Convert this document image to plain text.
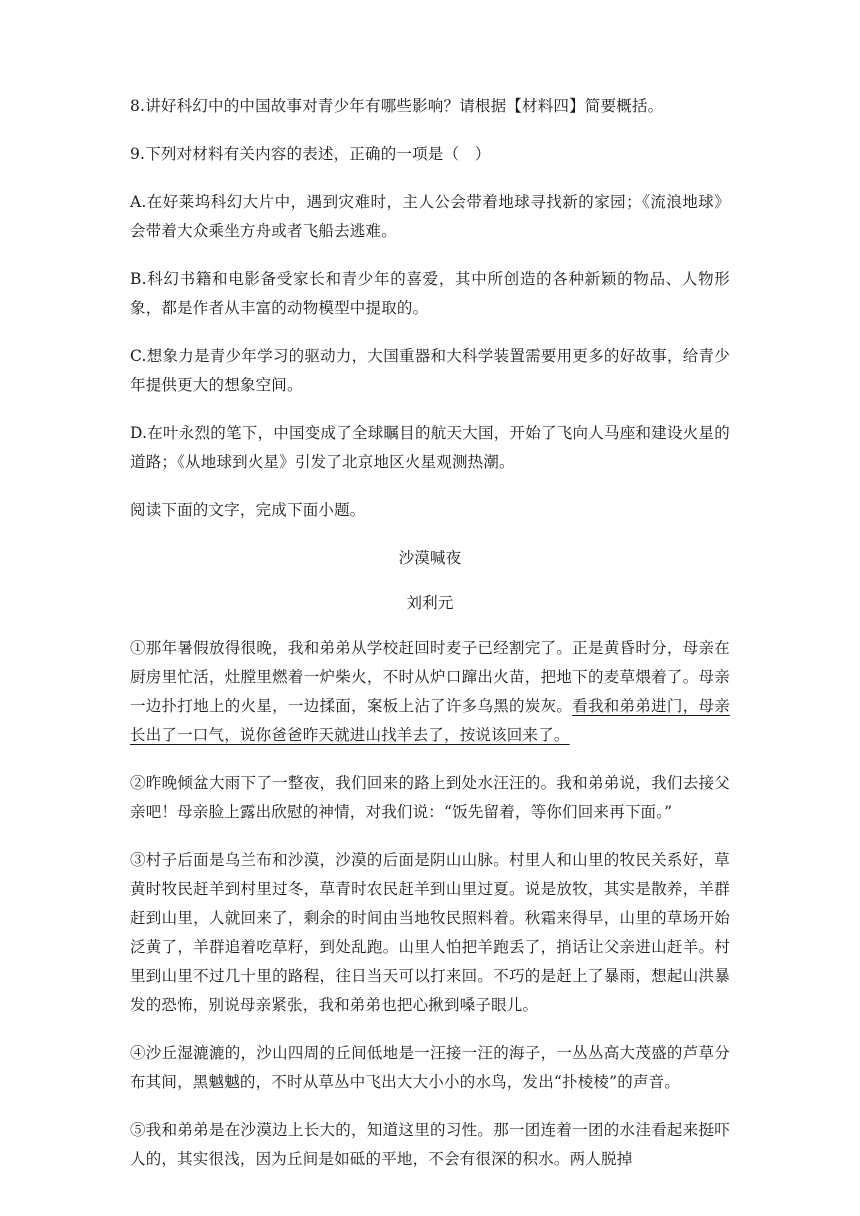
8.讲好科幻中的中国故事对青少年有哪些影响？请根据【材料四】简要概括。

9.下列对材料有关内容的表述，正确的一项是（　）

A.在好莱坞科幻大片中，遇到灾难时，主人公会带着地球寻找新的家园；《流浪地球》会带着大众乘坐方舟或者飞船去逃难。

B.科幻书籍和电影备受家长和青少年的喜爱，其中所创造的各种新颖的物品、人物形象，都是作者从丰富的动物模型中提取的。

C.想象力是青少年学习的驱动力，大国重器和大科学装置需要用更多的好故事，给青少年提供更大的想象空间。

D.在叶永烈的笔下，中国变成了全球瞩目的航天大国，开始了飞向人马座和建设火星的道路；《从地球到火星》引发了北京地区火星观测热潮。

阅读下面的文字，完成下面小题。

沙漠喊夜

刘利元

①那年暑假放得很晚，我和弟弟从学校赶回时麦子已经割完了。正是黄昏时分，母亲在厨房里忙活，灶膛里燃着一炉柴火，不时从炉口蹿出火苗，把地下的麦草煨着了。母亲一边扑打地上的火星，一边揉面，案板上沾了许多乌黑的炭灰。看我和弟弟进门，母亲长出了一口气，说你爸爸昨天就进山找羊去了，按说该回来了。

②昨晚倾盆大雨下了一整夜，我们回来的路上到处水汪汪的。我和弟弟说，我们去接父亲吧！母亲脸上露出欣慰的神情，对我们说：“饭先留着，等你们回来再下面。”

③村子后面是乌兰布和沙漠，沙漠的后面是阴山山脉。村里人和山里的牧民关系好，草黄时牧民赶羊到村里过冬，草青时农民赶羊到山里过夏。说是放牧，其实是散养，羊群赶到山里，人就回来了，剩余的时间由当地牧民照料着。秋霜来得早，山里的草场开始泛黄了，羊群追着吃草籽，到处乱跑。山里人怕把羊跑丢了，捎话让父亲进山赶羊。村里到山里不过几十里的路程，往日当天可以打来回。不巧的是赶上了暴雨，想起山洪暴发的恐怖，别说母亲紧张，我和弟弟也把心揪到嗓子眼儿。

④沙丘湿漉漉的，沙山四周的丘间低地是一汪接一汪的海子，一丛丛高大茂盛的芦草分布其间，黑魆魆的，不时从草丛中飞出大大小小的水鸟，发出“扑棱棱”的声音。

⑤我和弟弟是在沙漠边上长大的，知道这里的习性。那一团连着一团的水洼看起来挺吓人的，其实很浅，因为丘间是如砥的平地，不会有很深的积水。两人脱掉
